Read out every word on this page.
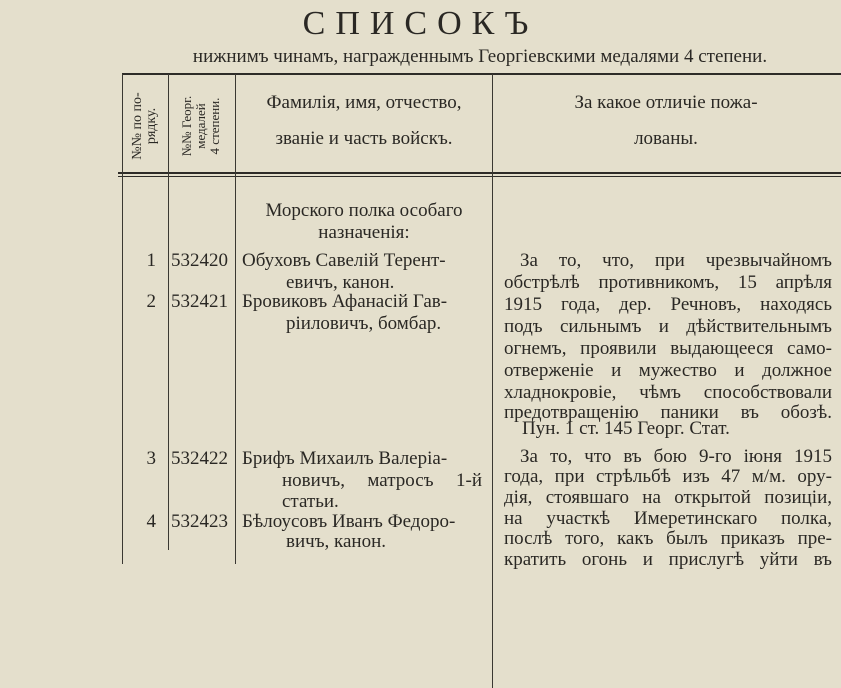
СПИСОКЪ
нижнимъ чинамъ, награжденнымъ Георгіевскими медалями 4 степени.
№№ по по-
рядку. №№ Георг.
медалей
4 степени.	Фамилія, имя, отчество,
званіе и часть войскъ.
За какое отличіе пожа-
лованы.
Морского полка особаго
назначенія:
1 532420 Обуховъ Савелій Терент-
евичъ, канон.
2 532421 Бровиковъ Афанасій Гав-
ріиловичъ, бомбар.
За то, что, при чрезвычайномъ
обстрѣлѣ противникомъ, 15 апрѣля
1915 года, дер. Речновъ, находясь
подъ сильнымъ и дѣйствительнымъ
огнемъ, проявили выдающееся само-
отверженіе и мужество и должное
хладнокровіе, чѣмъ способствовали
предотвращенію паники въ обозѣ.
Пун. 1 ст. 145 Георг. Стат.
3 532422 Брифъ Михаилъ Валеріа-
новичъ, матросъ 1-й
статьи.
4 532423 Бѣлоусовъ Иванъ Федоро-
вичъ, канон.
За то, что въ бою 9-го іюня 1915
года, при стрѣльбѣ изъ 47 м/м. ору-
дія, стоявшаго на открытой позиціи,
на участкѣ Имеретинскаго полка,
послѣ того, какъ былъ приказъ пре-
кратить огонь и прислугѣ уйти въ
